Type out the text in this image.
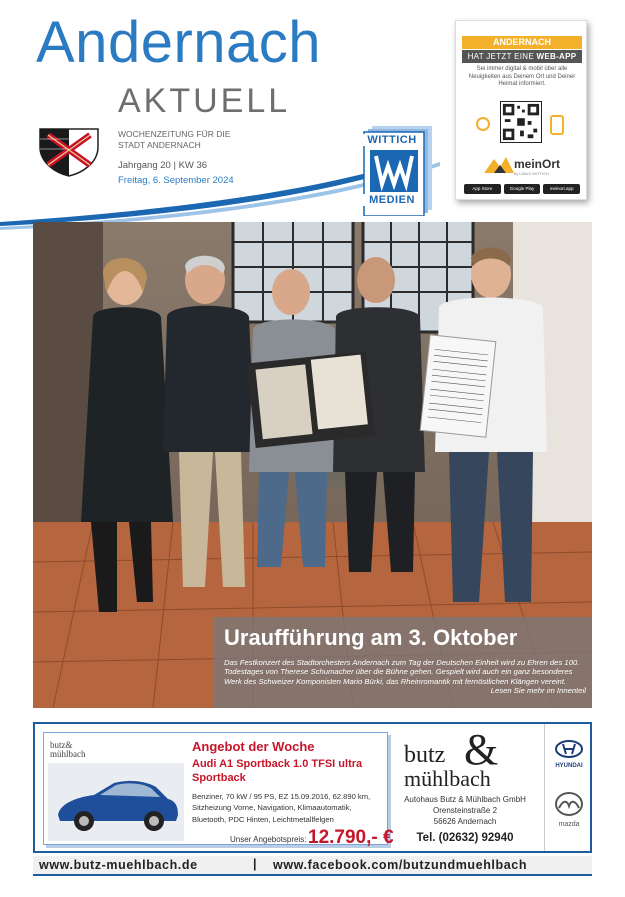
Andernach
AKTUELL
WOCHENZEITUNG FÜR DIE STADT ANDERNACH
Jahrgang 20 | KW 36
Freitag, 6. September 2024
WITTICH
MEDIEN
ANDERNACH
HAT JETZT EINE WEB-APP
Sei immer digital & mobil über alle Neuigkeiten aus Deinem Ort und Deiner Heimat informiert.
meinOrt
by LINUS WITTICH
App Store	Google Play	meinort.app
Uraufführung am 3. Oktober
Das Festkonzert des Stadtorchesters Andernach zum Tag der Deutschen Einheit wird zu Ehren des 100. Todestages von Therese Schumacher über die Bühne gehen. Gespielt wird auch ein ganz besonderes Werk des Schweizer Komponisten Mario Bürki, das Rheinromantik mit fernöstlichen Klängen vereint.
Lesen Sie mehr im Innenteil
butz&
mühlbach	Angebot der Woche
Audi A1 Sportback 1.0 TFSI ultra Sportback
Benziner, 70 kW / 95 PS, EZ 15.09.2016, 62.890 km, Sitzheizung Vorne, Navigation, Klimaautomatik, Bluetooth, PDC Hinten, Leichtmetallfelgen
Unser Angebotspreis: 12.790,- €
butz &
mühlbach
Autohaus Butz & Mühlbach GmbH
Orensteinstraße 2
56626 Andernach
Tel. (02632) 92940
HYUNDAI
mazda
www.butz-muehlbach.de	| www.facebook.com/butzundmuehlbach
